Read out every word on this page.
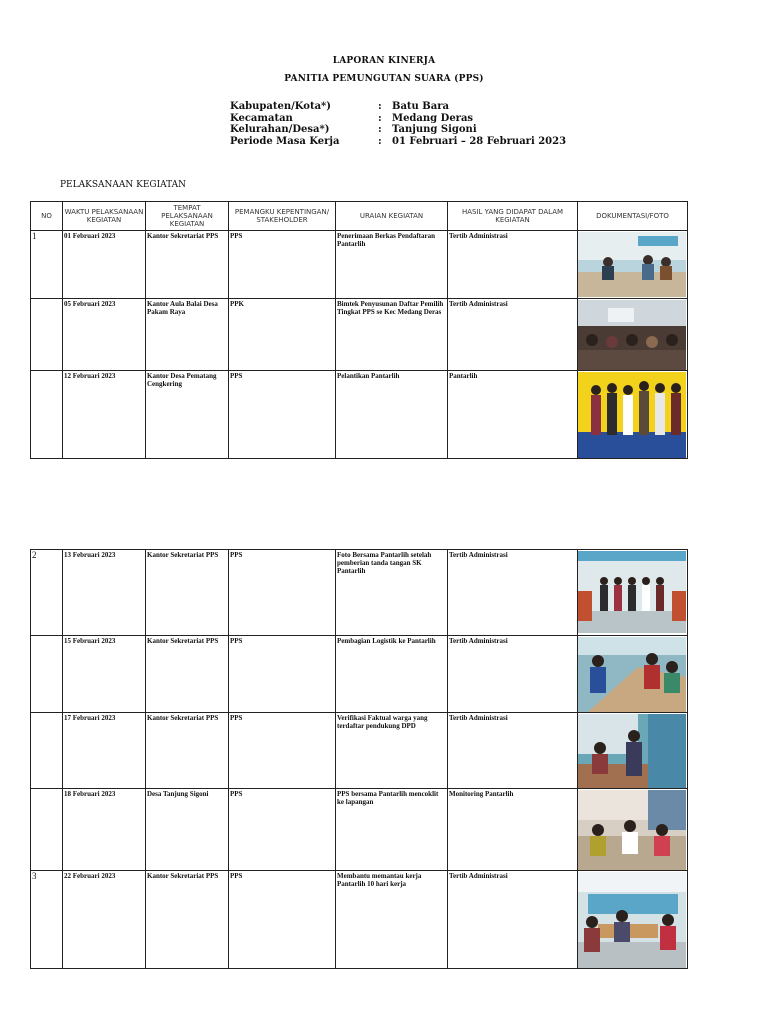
LAPORAN KINERJA
PANITIA PEMUNGUTAN SUARA (PPS)
Kabupaten/Kota*)	:	Batu Bara
Kecamatan	:	Medang Deras
Kelurahan/Desa*)	:	Tanjung Sigoni
Periode Masa Kerja	:	01 Februari – 28 Februari 2023
PELAKSANAAN KEGIATAN
NO	WAKTU PELAKSANAAN KEGIATAN	TEMPAT PELAKSANAAN KEGIATAN	PEMANGKU KEPENTINGAN/ STAKEHOLDER	URAIAN KEGIATAN	HASIL YANG DIDAPAT DALAM KEGIATAN	DOKUMENTASI/FOTO
1	01 Februari 2023	Kantor Sekretariat PPS	PPS	Penerimaan Berkas Pendaftaran Pantarlih	Tertib Administrasi	

	05 Februari 2023	Kantor Aula Balai Desa Pakam Raya	PPK	Bimtek Penyusunan Daftar Pemilih Tingkat PPS se Kec Medang Deras	Tertib Administrasi	

	12 Februari 2023	Kantor Desa Pematang Cengkering	PPS	Pelantikan Pantarlih	Pantarlih	
2	13 Februari 2023	Kantor Sekretariat PPS	PPS	Foto Bersama Pantarlih setelah pemberian tanda tangan SK Pantarlih	Tertib Administrasi	

	15 Februari 2023	Kantor Sekretariat PPS	PPS	Pembagian Logistik ke Pantarlih	Tertib Administrasi	

	17 Februari 2023	Kantor Sekretariat PPS	PPS	Verifikasi Faktual warga yang terdaftar pendukung DPD	Tertib Administrasi	

	18 Februari 2023	Desa Tanjung Sigoni	PPS	PPS bersama Pantarlih mencoklit ke lapangan	Monitoring Pantarlih	

3	22 Februari 2023	Kantor Sekretariat PPS	PPS	Membantu memantau kerja Pantarlih 10 hari kerja	Tertib Administrasi	
